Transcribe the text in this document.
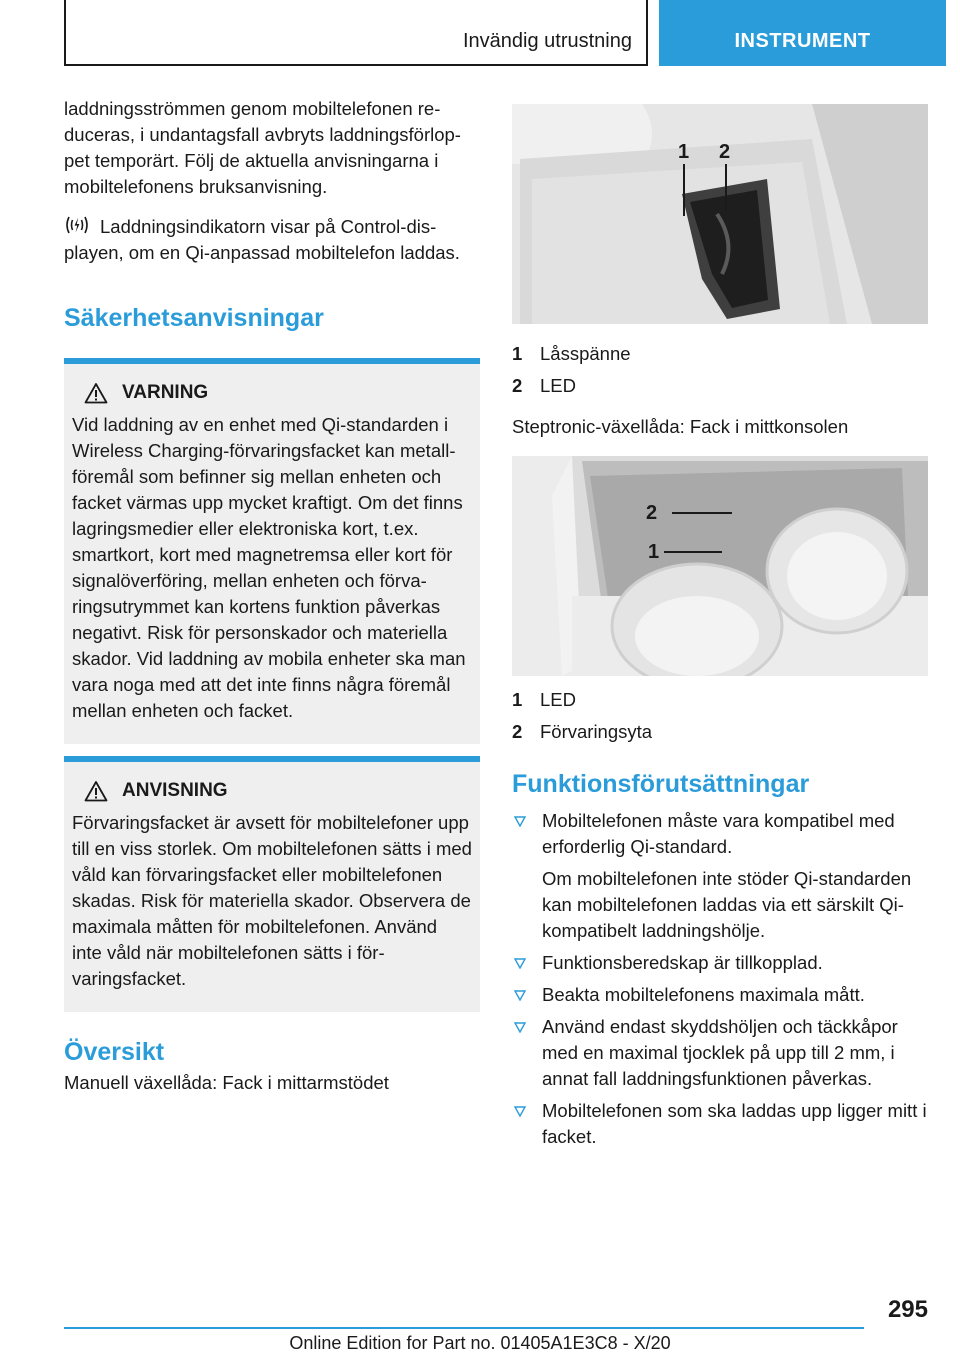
Invändig utrustning	INSTRUMENT

laddningsströmmen genom mobiltelefonen reduceras, i undantagsfall avbryts laddningsförloppet temporärt. Följ de aktuella anvisningarna i mobiltelefonens bruksanvisning.

Laddningsindikatorn visar på Control-displayen, om en Qi-anpassad mobiltelefon laddas.

Säkerhetsanvisningar
VARNING

Vid laddning av en enhet med Qi-standarden i Wireless Charging-förvaringsfacket kan metallföremål som befinner sig mellan enheten och facket värmas upp mycket kraftigt. Om det finns lagringsmedier eller elektroniska kort, t.ex. smartkort, kort med magnetremsa eller kort för signalöverföring, mellan enheten och förvaringsutrymmet kan kortens funktion påverkas negativt. Risk för personskador och materiella skador. Vid laddning av mobila enheter ska man vara noga med att det inte finns några föremål mellan enheten och facket.

ANVISNING

Förvaringsfacket är avsett för mobiltelefoner upp till en viss storlek. Om mobiltelefonen sätts i med våld kan förvaringsfacket eller mobiltelefonen skadas. Risk för materiella skador. Observera de maximala måtten för mobiltelefonen. Använd inte våld när mobiltelefonen sätts i förvaringsfacket.

Översikt

Manuell växellåda: Fack i mittarmstödet

1 2
1 Låsspänne
2 LED

Steptronic-växellåda: Fack i mittkonsolen

2
1
1 LED
2 Förvaringsyta
Funktionsförutsättningar
Mobiltelefonen måste vara kompatibel med erforderlig Qi-standard.

Om mobiltelefonen inte stöder Qi-standarden kan mobiltelefonen laddas via ett särskilt Qi-kompatibelt laddningshölje.

Funktionsberedskap är tillkopplad.
Beakta mobiltelefonens maximala mått.
Använd endast skyddshöljen och täckkåpor med en maximal tjocklek på upp till 2 mm, i annat fall laddningsfunktionen påverkas.
Mobiltelefonen som ska laddas upp ligger mitt i facket.
295
Online Edition for Part no. 01405A1E3C8 - X/20
